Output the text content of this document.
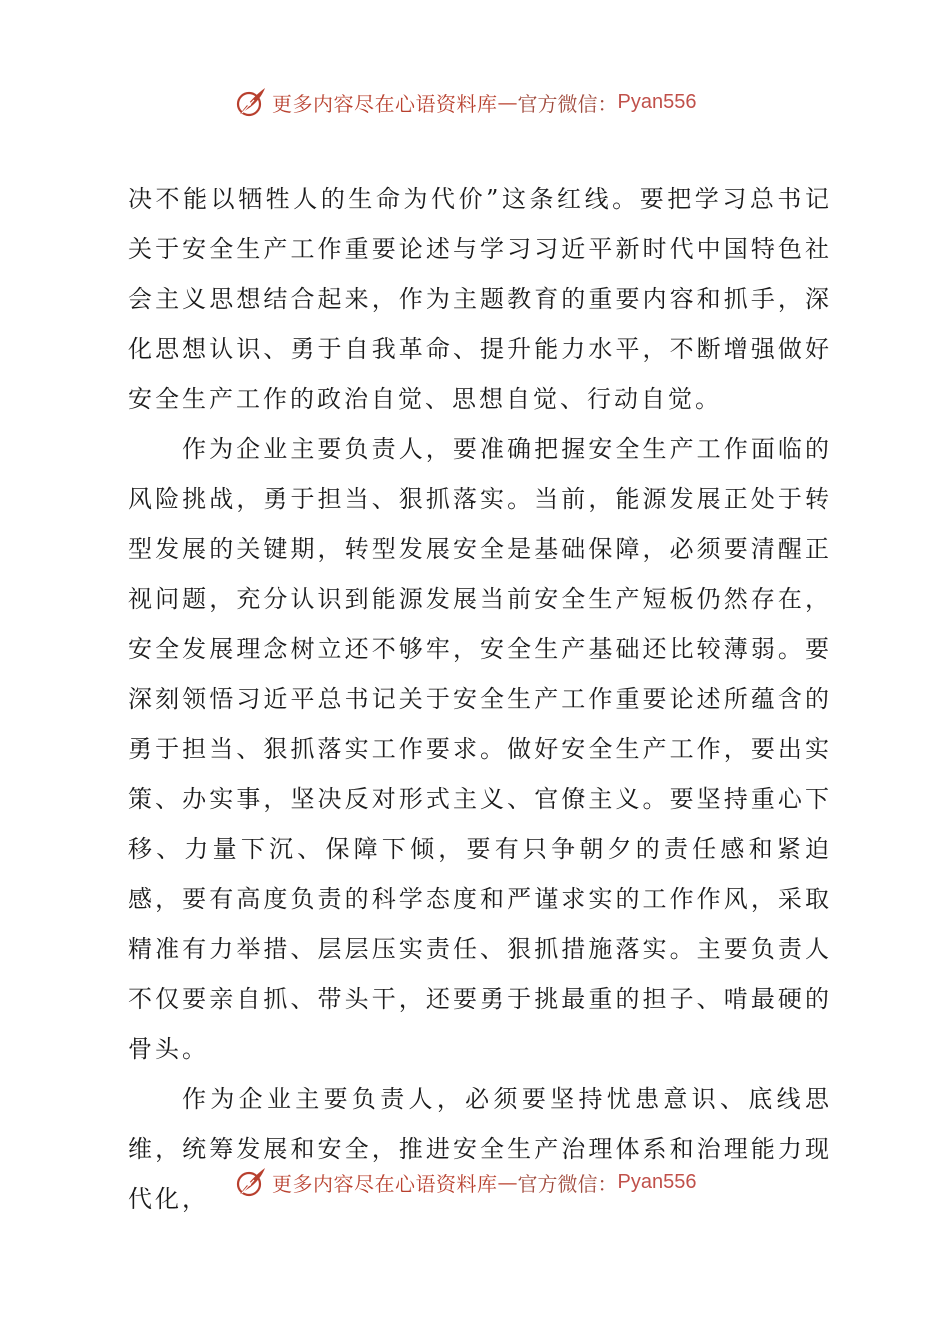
更多内容尽在心语资料库 — 官方微信： Pyan556

决不能以牺牲人的生命为代价”这条红线。要把学习总书记关于安全生产工作重要论述与学习习近平新时代中国特色社会主义思想结合起来，作为主题教育的重要内容和抓手，深化思想认识、勇于自我革命、提升能力水平，不断增强做好安全生产工作的政治自觉、思想自觉、行动自觉。

作为企业主要负责人，要准确把握安全生产工作面临的风险挑战，勇于担当、狠抓落实。当前，能源发展正处于转型发展的关键期，转型发展安全是基础保障，必须要清醒正视问题，充分认识到能源发展当前安全生产短板仍然存在，安全发展理念树立还不够牢，安全生产基础还比较薄弱。要深刻领悟习近平总书记关于安全生产工作重要论述所蕴含的勇于担当、狠抓落实工作要求。做好安全生产工作，要出实策、办实事，坚决反对形式主义、官僚主义。要坚持重心下移、力量下沉、保障下倾，要有只争朝夕的责任感和紧迫感，要有高度负责的科学态度和严谨求实的工作作风，采取精准有力举措、层层压实责任、狠抓措施落实。主要负责人不仅要亲自抓、带头干，还要勇于挑最重的担子、啃最硬的骨头。

作为企业主要负责人，必须要坚持忧患意识、底线思维，统筹发展和安全，推进安全生产治理体系和治理能力现代化，

更多内容尽在心语资料库 — 官方微信： Pyan556
